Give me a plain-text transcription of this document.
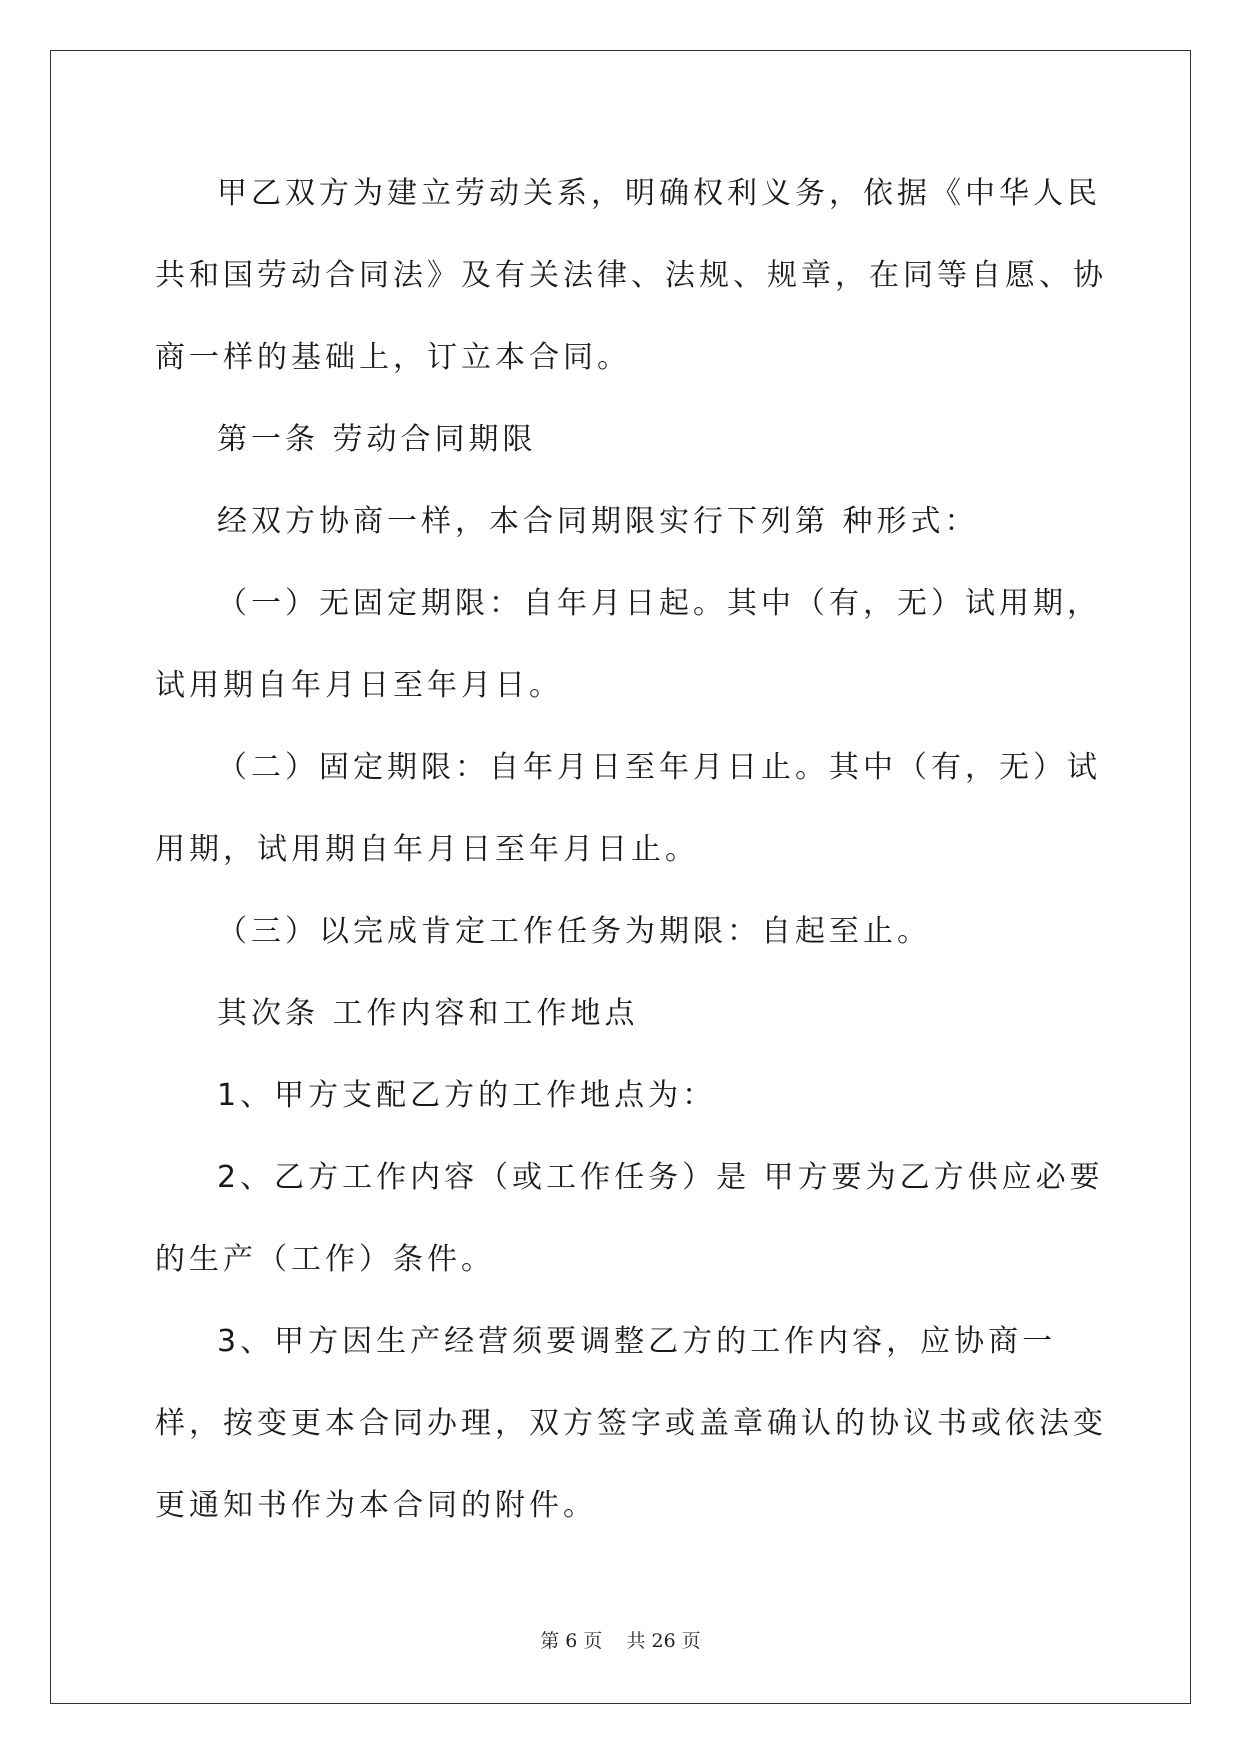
甲乙双方为建立劳动关系，明确权利义务，依据《中华人民共和国劳动合同法》及有关法律、法规、规章，在同等自愿、协商一样的基础上，订立本合同。

第一条 劳动合同期限

经双方协商一样，本合同期限实行下列第 种形式：

（一）无固定期限：自年月日起。其中（有，无）试用期，试用期自年月日至年月日。

（二）固定期限：自年月日至年月日止。其中（有，无）试用期，试用期自年月日至年月日止。

（三）以完成肯定工作任务为期限：自起至止。

其次条 工作内容和工作地点

1、甲方支配乙方的工作地点为：

2、乙方工作内容（或工作任务）是 甲方要为乙方供应必要的生产（工作）条件。

3、甲方因生产经营须要调整乙方的工作内容，应协商一样，按变更本合同办理，双方签字或盖章确认的协议书或依法变更通知书作为本合同的附件。

第 6 页 共 26 页
